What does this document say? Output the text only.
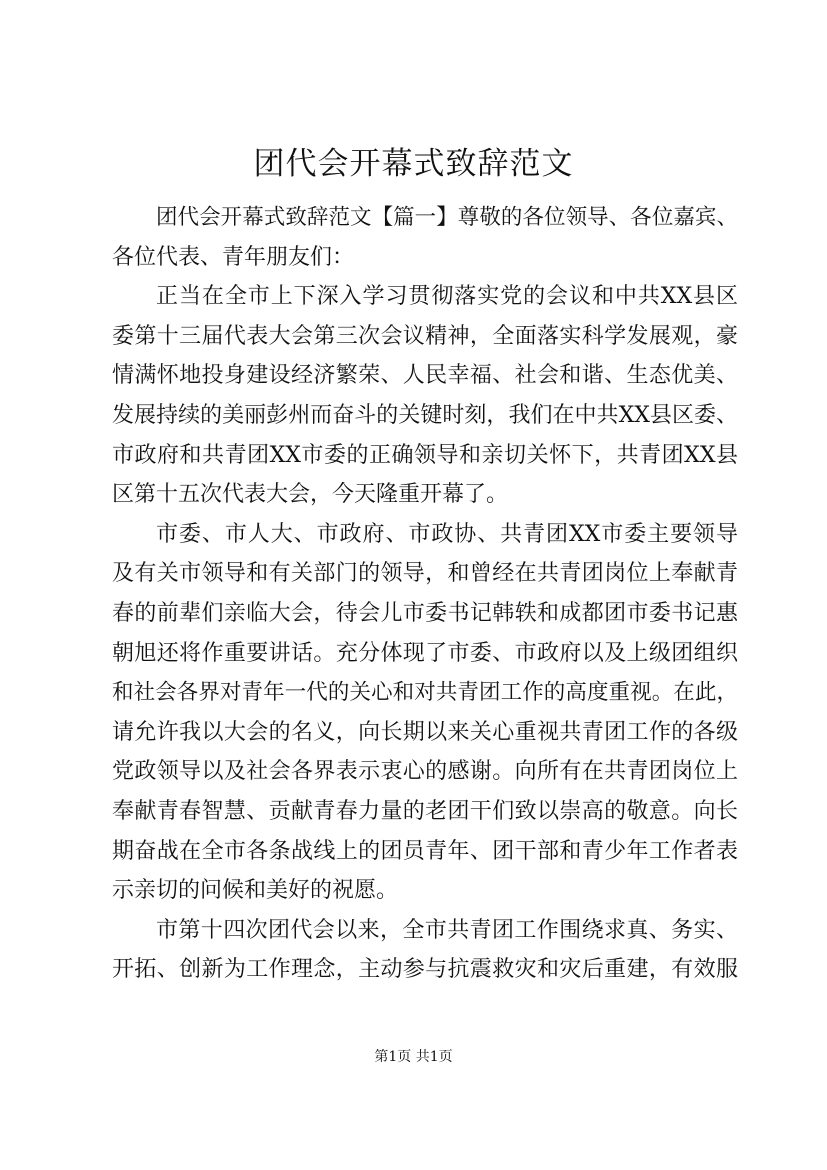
团代会开幕式致辞范文
团代会开幕式致辞范文【篇一】尊敬的各位领导、各位嘉宾、
各位代表、青年朋友们：
正当在全市上下深入学习贯彻落实党的会议和中共XX县区
委第十三届代表大会第三次会议精神，全面落实科学发展观，豪
情满怀地投身建设经济繁荣、人民幸福、社会和谐、生态优美、
发展持续的美丽彭州而奋斗的关键时刻，我们在中共XX县区委、
市政府和共青团XX市委的正确领导和亲切关怀下，共青团XX县
区第十五次代表大会，今天隆重开幕了。
市委、市人大、市政府、市政协、共青团XX市委主要领导
及有关市领导和有关部门的领导，和曾经在共青团岗位上奉献青
春的前辈们亲临大会，待会儿市委书记韩轶和成都团市委书记惠
朝旭还将作重要讲话。充分体现了市委、市政府以及上级团组织
和社会各界对青年一代的关心和对共青团工作的高度重视。在此，
请允许我以大会的名义，向长期以来关心重视共青团工作的各级
党政领导以及社会各界表示衷心的感谢。向所有在共青团岗位上
奉献青春智慧、贡献青春力量的老团干们致以崇高的敬意。向长
期奋战在全市各条战线上的团员青年、团干部和青少年工作者表
示亲切的问候和美好的祝愿。
市第十四次团代会以来，全市共青团工作围绕求真、务实、
开拓、创新为工作理念，主动参与抗震救灾和灾后重建，有效服
第1页 共1页
